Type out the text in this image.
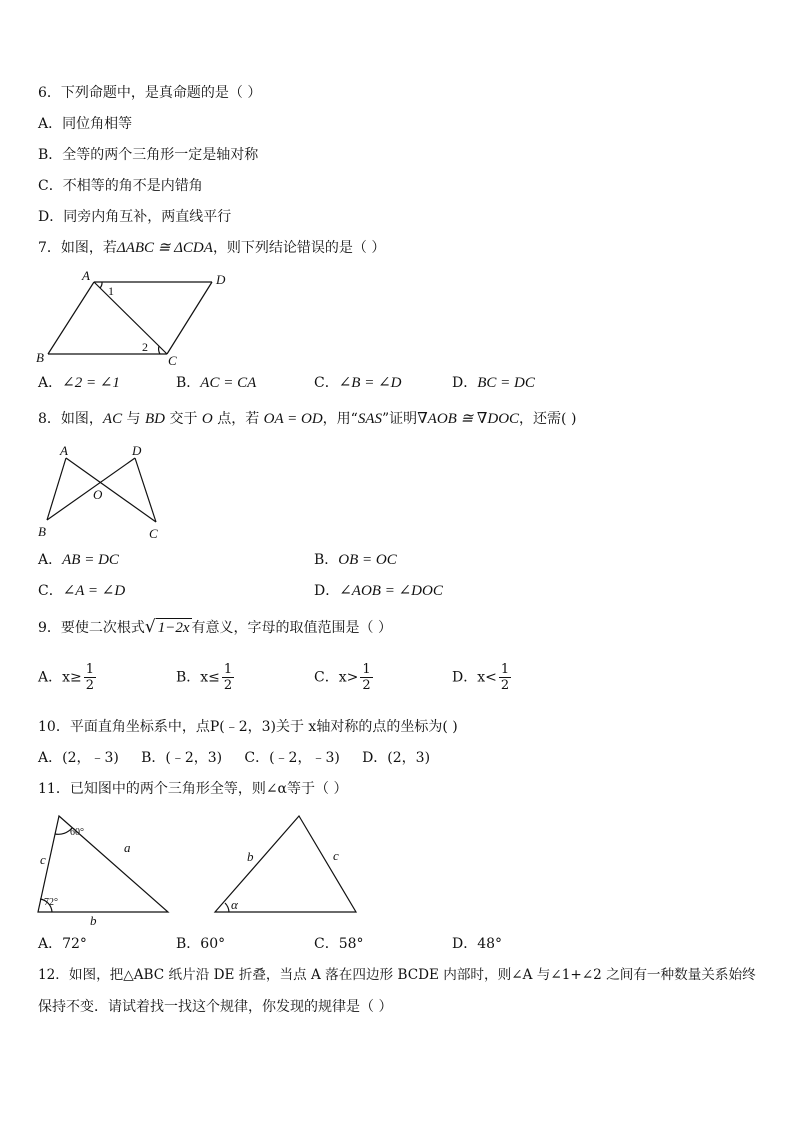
6．下列命题中，是真命题的是（ ）
A．同位角相等
B．全等的两个三角形一定是轴对称
C．不相等的角不是内错角
D．同旁内角互补，两直线平行
7．如图，若ΔABC ≅ ΔCDA，则下列结论错误的是（ ）
A	D
B	C
1
2
A．∠2 = ∠1	B．AC = CA	C．∠B = ∠D	D．BC = DC
8．如图，AC 与 BD 交于 O 点，若 OA = OD，用“SAS”证明∇AOB ≅ ∇DOC，还需( )
A	D
B	C
O
A．AB = DC	B．OB = OC
C．∠A = ∠D	D．∠AOB = ∠DOC
9．要使二次根式√ 1−2x 有意义，字母的取值范围是（ ）
A．$x\ge \frac{1}{2}$	B．$x\le \frac{1}{2}$	C．$x> \frac{1}{2}$	D．$x< \frac{1}{2}$
10．平面直角坐标系中，点P(﹣2，3)关于 x轴对称的点的坐标为( )
A．(2，﹣3)     B．(﹣2，3)     C．(﹣2，﹣3)     D．(2，3)
11．已知图中的两个三角形全等，则∠α等于（ ）
60°
72°
c
a
b
b	c
α
A．72°	B．60°	C．58°	D．48°
12．如图，把△ABC 纸片沿 DE 折叠，当点 A 落在四边形 BCDE 内部时，则∠A 与∠1+∠2 之间有一种数量关系始终
保持不变．请试着找一找这个规律，你发现的规律是（ ）
